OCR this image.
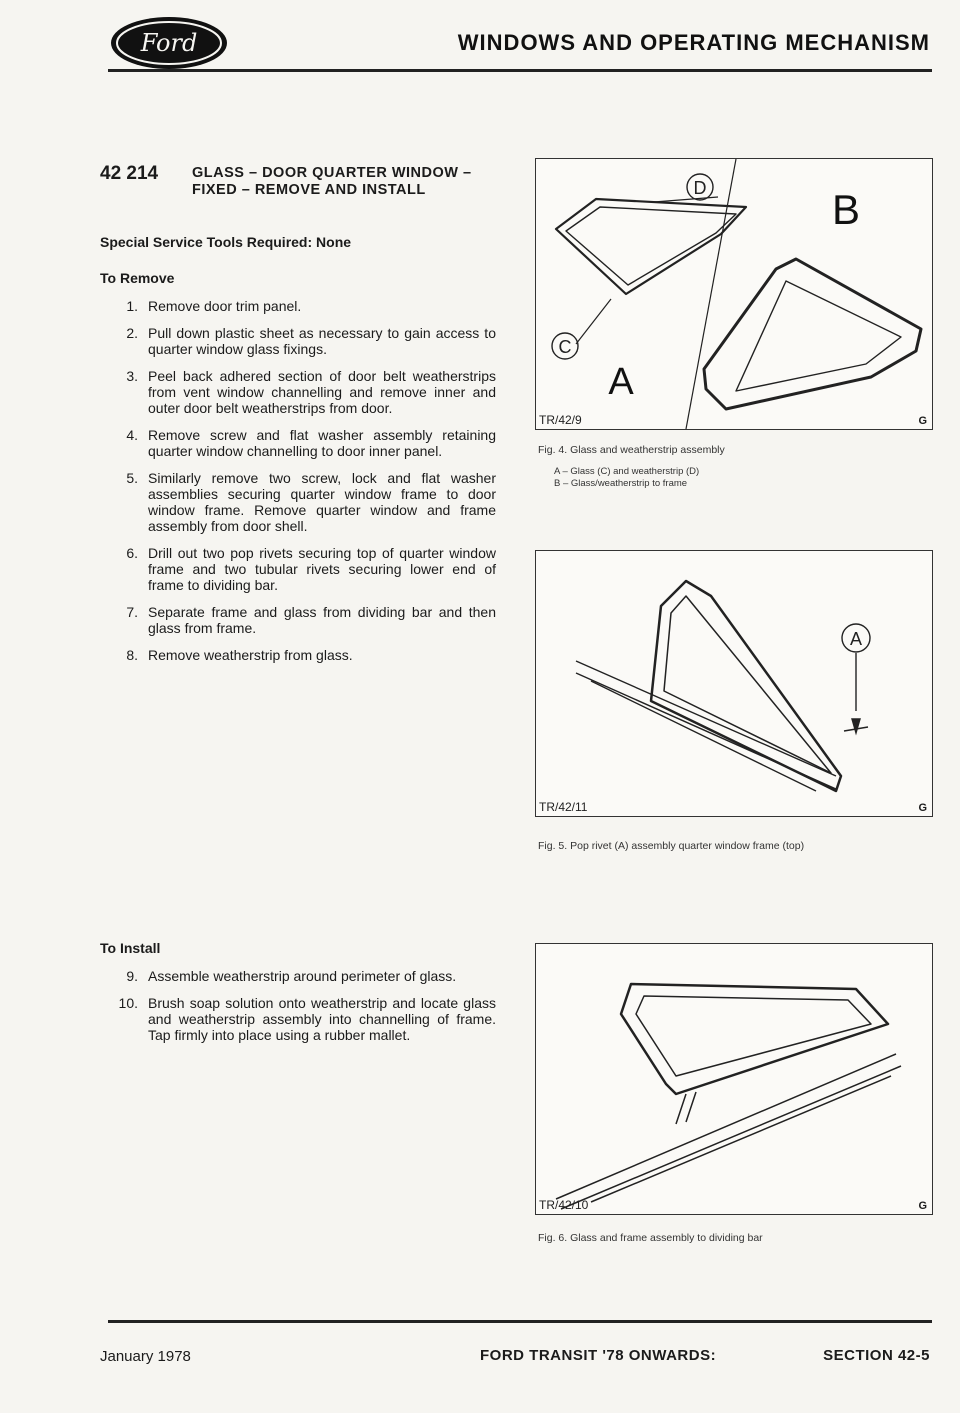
Ford	WINDOWS AND OPERATING MECHANISM
42 214 GLASS – DOOR QUARTER WINDOW – FIXED – REMOVE AND INSTALL
Special Service Tools Required: None
To Remove
1. Remove door trim panel.
2. Pull down plastic sheet as necessary to gain access to quarter window glass fixings.
3. Peel back adhered section of door belt weatherstrips from vent window channelling and remove inner and outer door belt weatherstrips from door.
4. Remove screw and flat washer assembly retaining quarter window channelling to door inner panel.
5. Similarly remove two screw, lock and flat washer assemblies securing quarter window frame to door window frame. Remove quarter window and frame assembly from door shell.
6. Drill out two pop rivets securing top of quarter window frame and two tubular rivets securing lower end of frame to dividing bar.
7. Separate frame and glass from dividing bar and then glass from frame.
8. Remove weatherstrip from glass.
To Install
9. Assemble weatherstrip around perimeter of glass.
10. Brush soap solution onto weatherstrip and locate glass and weatherstrip assembly into channelling of frame. Tap firmly into place using a rubber mallet.
D
C
B
A
TR/42/9	G
Fig. 4. Glass and weatherstrip assembly
A – Glass (C) and weatherstrip (D)
B – Glass/weatherstrip to frame
A
TR/42/11	G
Fig. 5. Pop rivet (A) assembly quarter window frame (top)
TR/42/10	G
Fig. 6. Glass and frame assembly to dividing bar
January 1978	FORD TRANSIT '78 ONWARDS:	SECTION 42-5
